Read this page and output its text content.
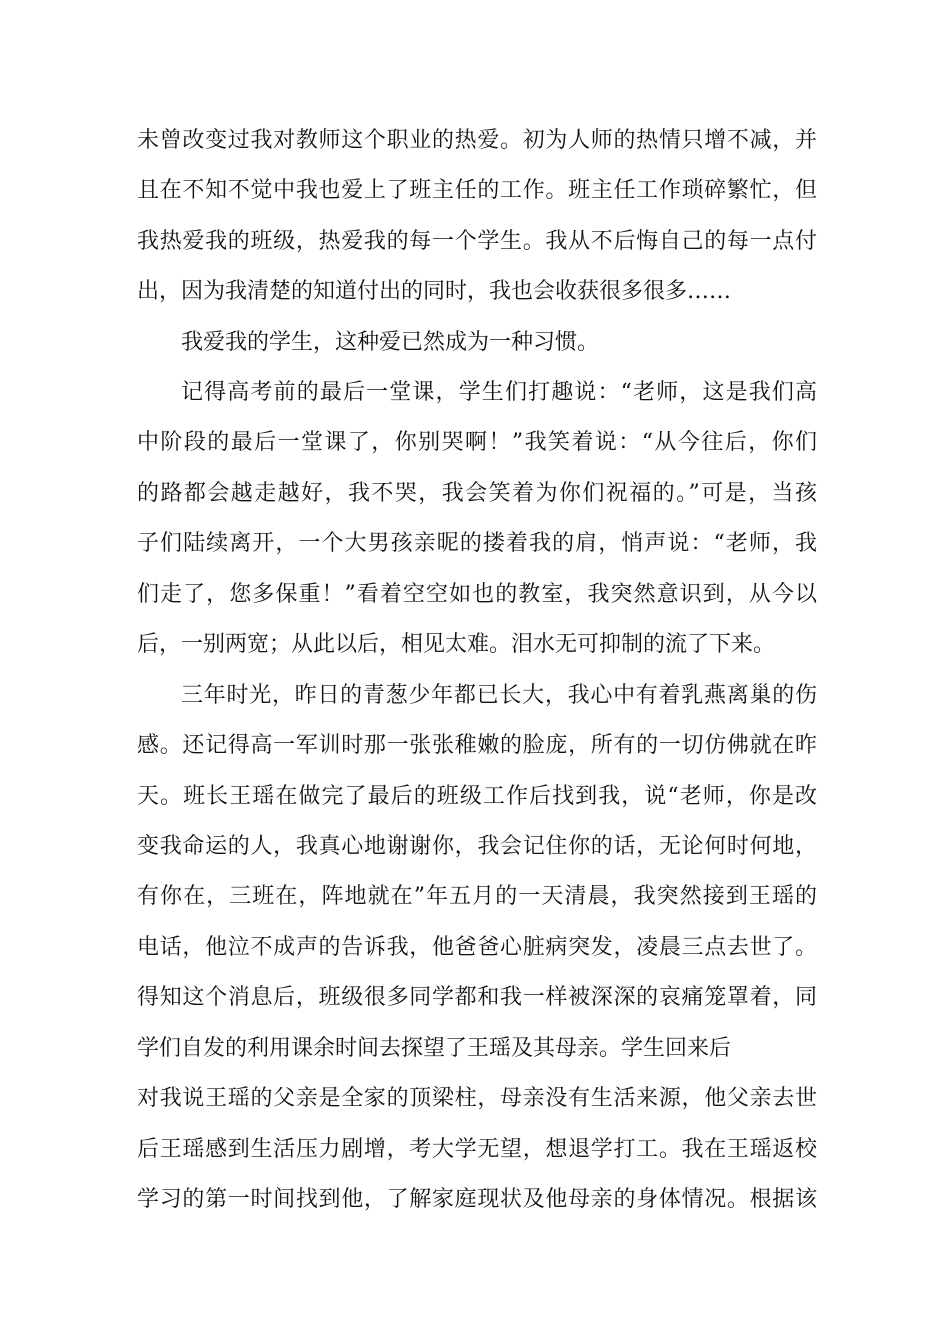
未曾改变过我对教师这个职业的热爱。初为人师的热情只增不减，并
且在不知不觉中我也爱上了班主任的工作。班主任工作琐碎繁忙，但
我热爱我的班级，热爱我的每一个学生。我从不后悔自己的每一点付
出，因为我清楚的知道付出的同时，我也会收获很多很多……
我爱我的学生，这种爱已然成为一种习惯。
记得高考前的最后一堂课，学生们打趣说：“老师，这是我们高
中阶段的最后一堂课了，你别哭啊！”我笑着说：“从今往后，你们
的路都会越走越好，我不哭，我会笑着为你们祝福的。”可是，当孩
子们陆续离开，一个大男孩亲昵的搂着我的肩，悄声说：“老师，我
们走了，您多保重！”看着空空如也的教室，我突然意识到，从今以
后，一别两宽；从此以后，相见太难。泪水无可抑制的流了下来。
三年时光，昨日的青葱少年都已长大，我心中有着乳燕离巢的伤
感。还记得高一军训时那一张张稚嫩的脸庞，所有的一切仿佛就在昨
天。班长王瑶在做完了最后的班级工作后找到我，说“老师，你是改
变我命运的人，我真心地谢谢你，我会记住你的话，无论何时何地，
有你在，三班在，阵地就在”年五月的一天清晨，我突然接到王瑶的
电话，他泣不成声的告诉我，他爸爸心脏病突发，凌晨三点去世了。
得知这个消息后，班级很多同学都和我一样被深深的哀痛笼罩着，同
学们自发的利用课余时间去探望了王瑶及其母亲。学生回来后
对我说王瑶的父亲是全家的顶梁柱，母亲没有生活来源，他父亲去世
后王瑶感到生活压力剧增，考大学无望，想退学打工。我在王瑶返校
学习的第一时间找到他，了解家庭现状及他母亲的身体情况。根据该
